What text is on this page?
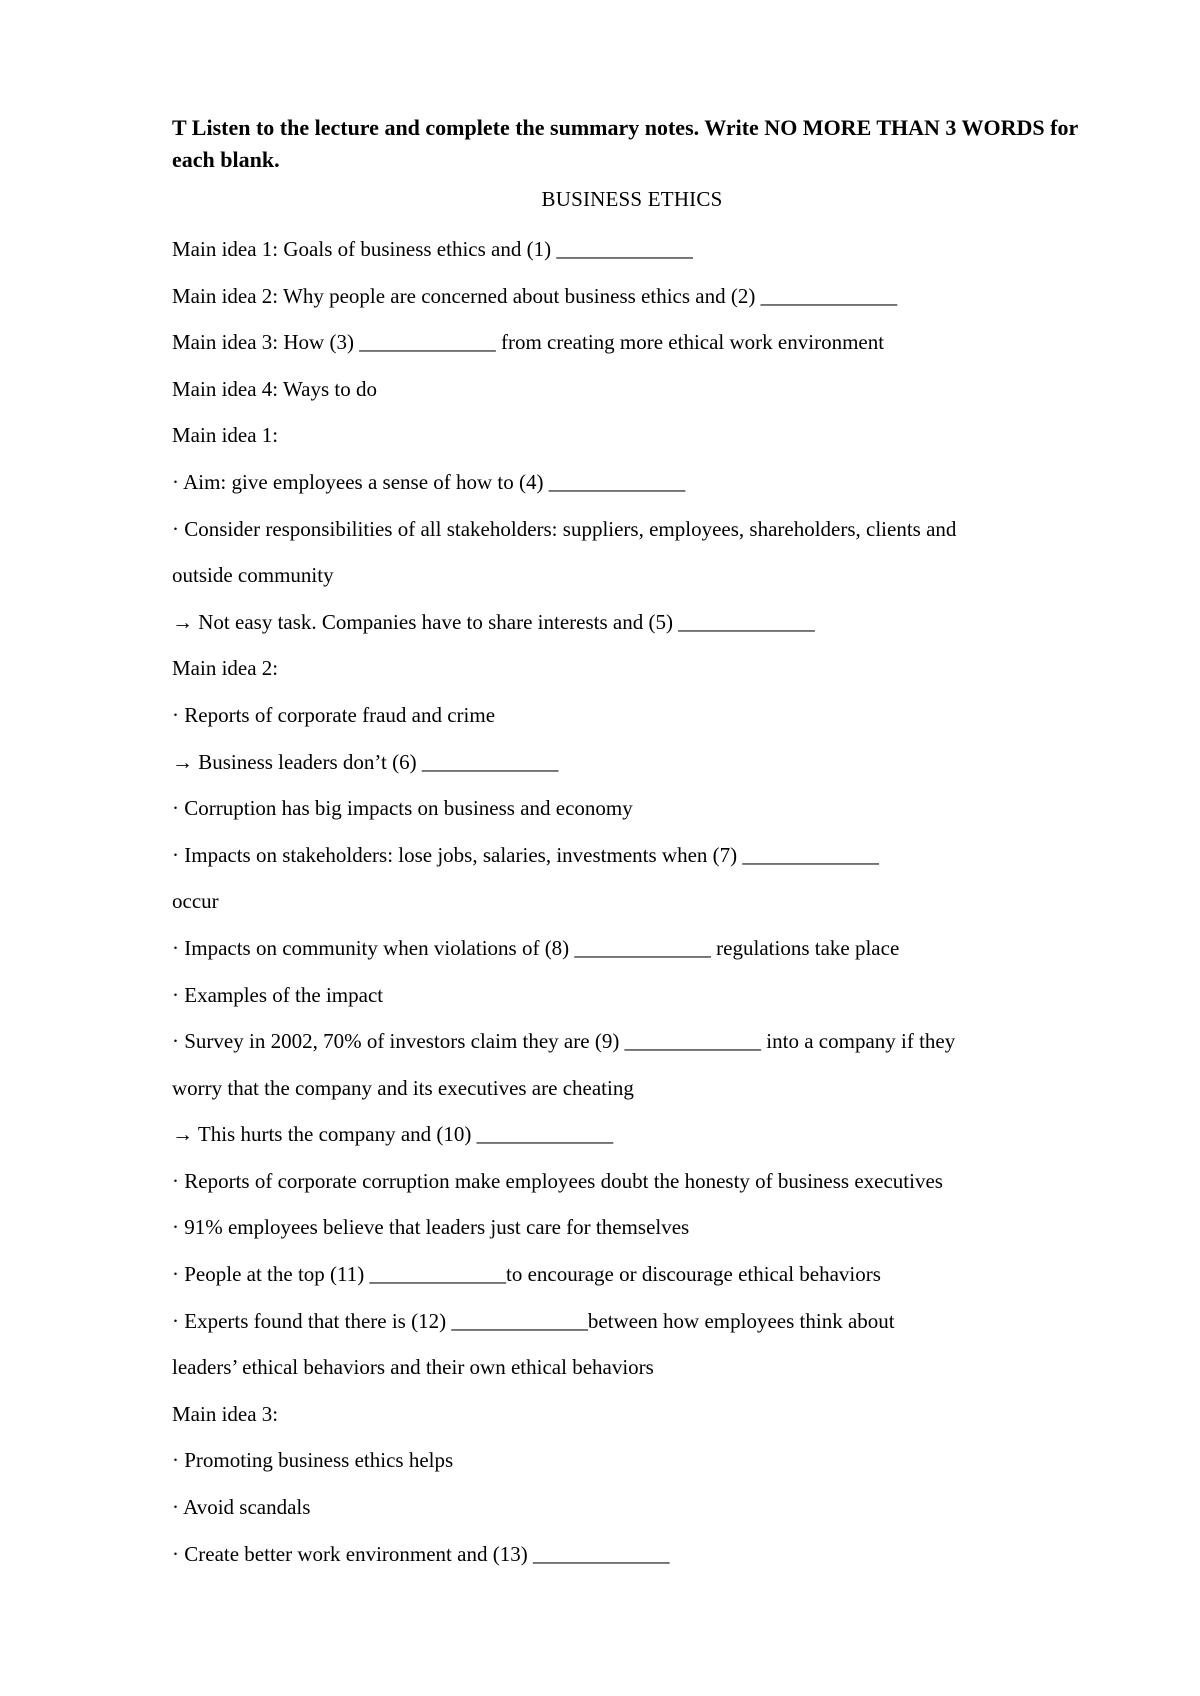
T Listen to the lecture and complete the summary notes. Write NO MORE THAN 3 WORDS for each blank.

BUSINESS ETHICS

Main idea 1: Goals of business ethics and (1) _____________

Main idea 2: Why people are concerned about business ethics and (2) _____________

Main idea 3: How (3) _____________ from creating more ethical work environment

Main idea 4: Ways to do

Main idea 1:

· Aim: give employees a sense of how to (4) _____________

· Consider responsibilities of all stakeholders: suppliers, employees, shareholders, clients and

outside community

→ Not easy task. Companies have to share interests and (5) _____________

Main idea 2:

· Reports of corporate fraud and crime

→ Business leaders don’t (6) _____________

· Corruption has big impacts on business and economy

· Impacts on stakeholders: lose jobs, salaries, investments when (7) _____________

occur

· Impacts on community when violations of (8) _____________ regulations take place

· Examples of the impact

· Survey in 2002, 70% of investors claim they are (9) _____________ into a company if they

worry that the company and its executives are cheating

→ This hurts the company and (10) _____________

· Reports of corporate corruption make employees doubt the honesty of business executives

· 91% employees believe that leaders just care for themselves

· People at the top (11) _____________to encourage or discourage ethical behaviors

· Experts found that there is (12) _____________between how employees think about

leaders’ ethical behaviors and their own ethical behaviors

Main idea 3:

· Promoting business ethics helps

· Avoid scandals

· Create better work environment and (13) _____________
